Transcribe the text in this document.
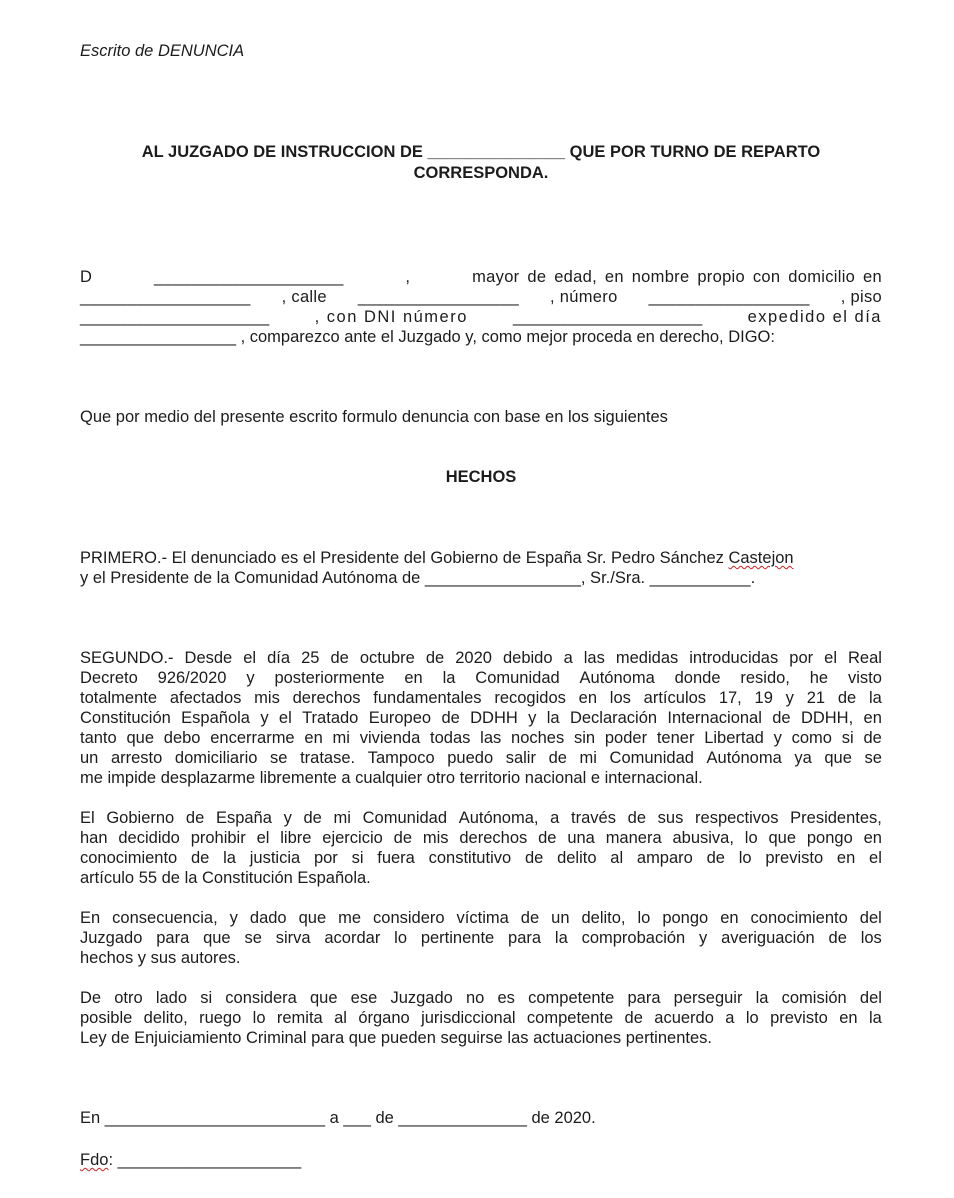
Escrito de DENUNCIA
AL JUZGADO DE INSTRUCCION DE _______________ QUE POR TURNO DE REPARTO
CORRESPONDA.
D	____________________	,	mayor de edad, en nombre propio con domicilio en
__________________ , calle _________________ , número _________________ , piso
____________________	, con DNI número	____________________	expedido el día
_________________ , comparezco ante el Juzgado y, como mejor proceda en derecho, DIGO:
Que por medio del presente escrito formulo denuncia con base en los siguientes
HECHOS
PRIMERO.- El denunciado es el Presidente del Gobierno de España Sr. Pedro Sánchez Castejon
y el Presidente de la Comunidad Autónoma de _________________, Sr./Sra. ___________.
SEGUNDO.- Desde el día 25 de octubre de 2020 debido a las medidas introducidas por el Real
Decreto 926/2020 y posteriormente en la Comunidad Autónoma donde resido, he visto
totalmente afectados mis derechos fundamentales recogidos en los artículos 17, 19 y 21 de la
Constitución Española y el Tratado Europeo de DDHH y la Declaración Internacional de DDHH, en
tanto que debo encerrarme en mi vivienda todas las noches sin poder tener Libertad y como si de
un arresto domiciliario se tratase. Tampoco puedo salir de mi Comunidad Autónoma ya que se
me impide desplazarme libremente a cualquier otro territorio nacional e internacional.
El Gobierno de España y de mi Comunidad Autónoma, a través de sus respectivos Presidentes,
han decidido prohibir el libre ejercicio de mis derechos de una manera abusiva, lo que pongo en
conocimiento de la justicia por si fuera constitutivo de delito al amparo de lo previsto en el
artículo 55 de la Constitución Española.
En consecuencia, y dado que me considero víctima de un delito, lo pongo en conocimiento del
Juzgado para que se sirva acordar lo pertinente para la comprobación y averiguación de los
hechos y sus autores.
De otro lado si considera que ese Juzgado no es competente para perseguir la comisión del
posible delito, ruego lo remita al órgano jurisdiccional competente de acuerdo a lo previsto en la
Ley de Enjuiciamiento Criminal para que pueden seguirse las actuaciones pertinentes.
En ________________________ a ___ de ______________ de 2020.
Fdo: ____________________
